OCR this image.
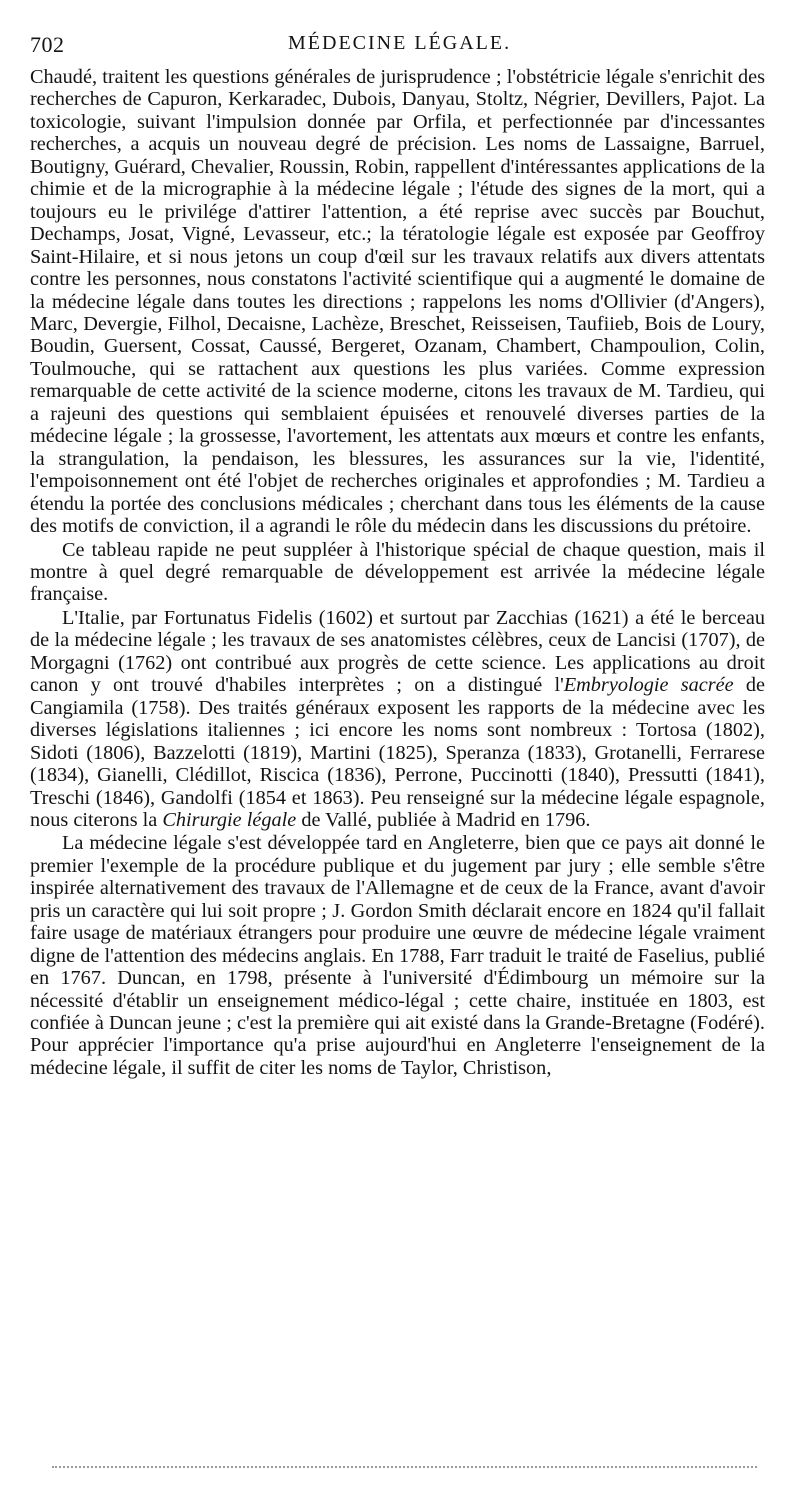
702	MÉDECINE LÉGALE.

Chaudé, traitent les questions générales de jurisprudence ; l'obstétricie légale s'enrichit des recherches de Capuron, Kerkaradec, Dubois, Danyau, Stoltz, Négrier, Devillers, Pajot. La toxicologie, suivant l'impulsion donnée par Orfila, et perfectionnée par d'incessantes recherches, a acquis un nouveau degré de précision. Les noms de Lassaigne, Barruel, Boutigny, Guérard, Chevalier, Roussin, Robin, rappellent d'intéressantes applications de la chimie et de la micrographie à la médecine légale ; l'étude des signes de la mort, qui a toujours eu le privilége d'attirer l'attention, a été reprise avec succès par Bouchut, Dechamps, Josat, Vigné, Levasseur, etc.; la tératologie légale est exposée par Geoffroy Saint-Hilaire, et si nous jetons un coup d'œil sur les travaux relatifs aux divers attentats contre les personnes, nous constatons l'activité scientifique qui a augmenté le domaine de la médecine légale dans toutes les directions ; rappelons les noms d'Ollivier (d'Angers), Marc, Devergie, Filhol, Decaisne, Lachèze, Breschet, Reisseisen, Taufiieb, Bois de Loury, Boudin, Guersent, Cossat, Caussé, Bergeret, Ozanam, Chambert, Champoulion, Colin, Toulmouche, qui se rattachent aux questions les plus variées. Comme expression remarquable de cette activité de la science moderne, citons les travaux de M. Tardieu, qui a rajeuni des questions qui semblaient épuisées et renouvelé diverses parties de la médecine légale ; la grossesse, l'avortement, les attentats aux mœurs et contre les enfants, la strangulation, la pendaison, les blessures, les assurances sur la vie, l'identité, l'empoisonnement ont été l'objet de recherches originales et approfondies ; M. Tardieu a étendu la portée des conclusions médicales ; cherchant dans tous les éléments de la cause des motifs de conviction, il a agrandi le rôle du médecin dans les discussions du prétoire.

Ce tableau rapide ne peut suppléer à l'historique spécial de chaque question, mais il montre à quel degré remarquable de développement est arrivée la médecine légale française.

L'Italie, par Fortunatus Fidelis (1602) et surtout par Zacchias (1621) a été le berceau de la médecine légale ; les travaux de ses anatomistes célèbres, ceux de Lancisi (1707), de Morgagni (1762) ont contribué aux progrès de cette science. Les applications au droit canon y ont trouvé d'habiles interprètes ; on a distingué l'Embryologie sacrée de Cangiamila (1758). Des traités généraux exposent les rapports de la médecine avec les diverses législations italiennes ; ici encore les noms sont nombreux : Tortosa (1802), Sidoti (1806), Bazzelotti (1819), Martini (1825), Speranza (1833), Grotanelli, Ferrarese (1834), Gianelli, Clédillot, Riscica (1836), Perrone, Puccinotti (1840), Pressutti (1841), Treschi (1846), Gandolfi (1854 et 1863). Peu renseigné sur la médecine légale espagnole, nous citerons la Chirurgie légale de Vallé, publiée à Madrid en 1796.

La médecine légale s'est développée tard en Angleterre, bien que ce pays ait donné le premier l'exemple de la procédure publique et du jugement par jury ; elle semble s'être inspirée alternativement des travaux de l'Allemagne et de ceux de la France, avant d'avoir pris un caractère qui lui soit propre ; J. Gordon Smith déclarait encore en 1824 qu'il fallait faire usage de matériaux étrangers pour produire une œuvre de médecine légale vraiment digne de l'attention des médecins anglais. En 1788, Farr traduit le traité de Faselius, publié en 1767. Duncan, en 1798, présente à l'université d'Édimbourg un mémoire sur la nécessité d'établir un enseignement médico-légal ; cette chaire, instituée en 1803, est confiée à Duncan jeune ; c'est la première qui ait existé dans la Grande-Bretagne (Fodéré). Pour apprécier l'importance qu'a prise aujourd'hui en Angleterre l'enseignement de la médecine légale, il suffit de citer les noms de Taylor, Christison,
